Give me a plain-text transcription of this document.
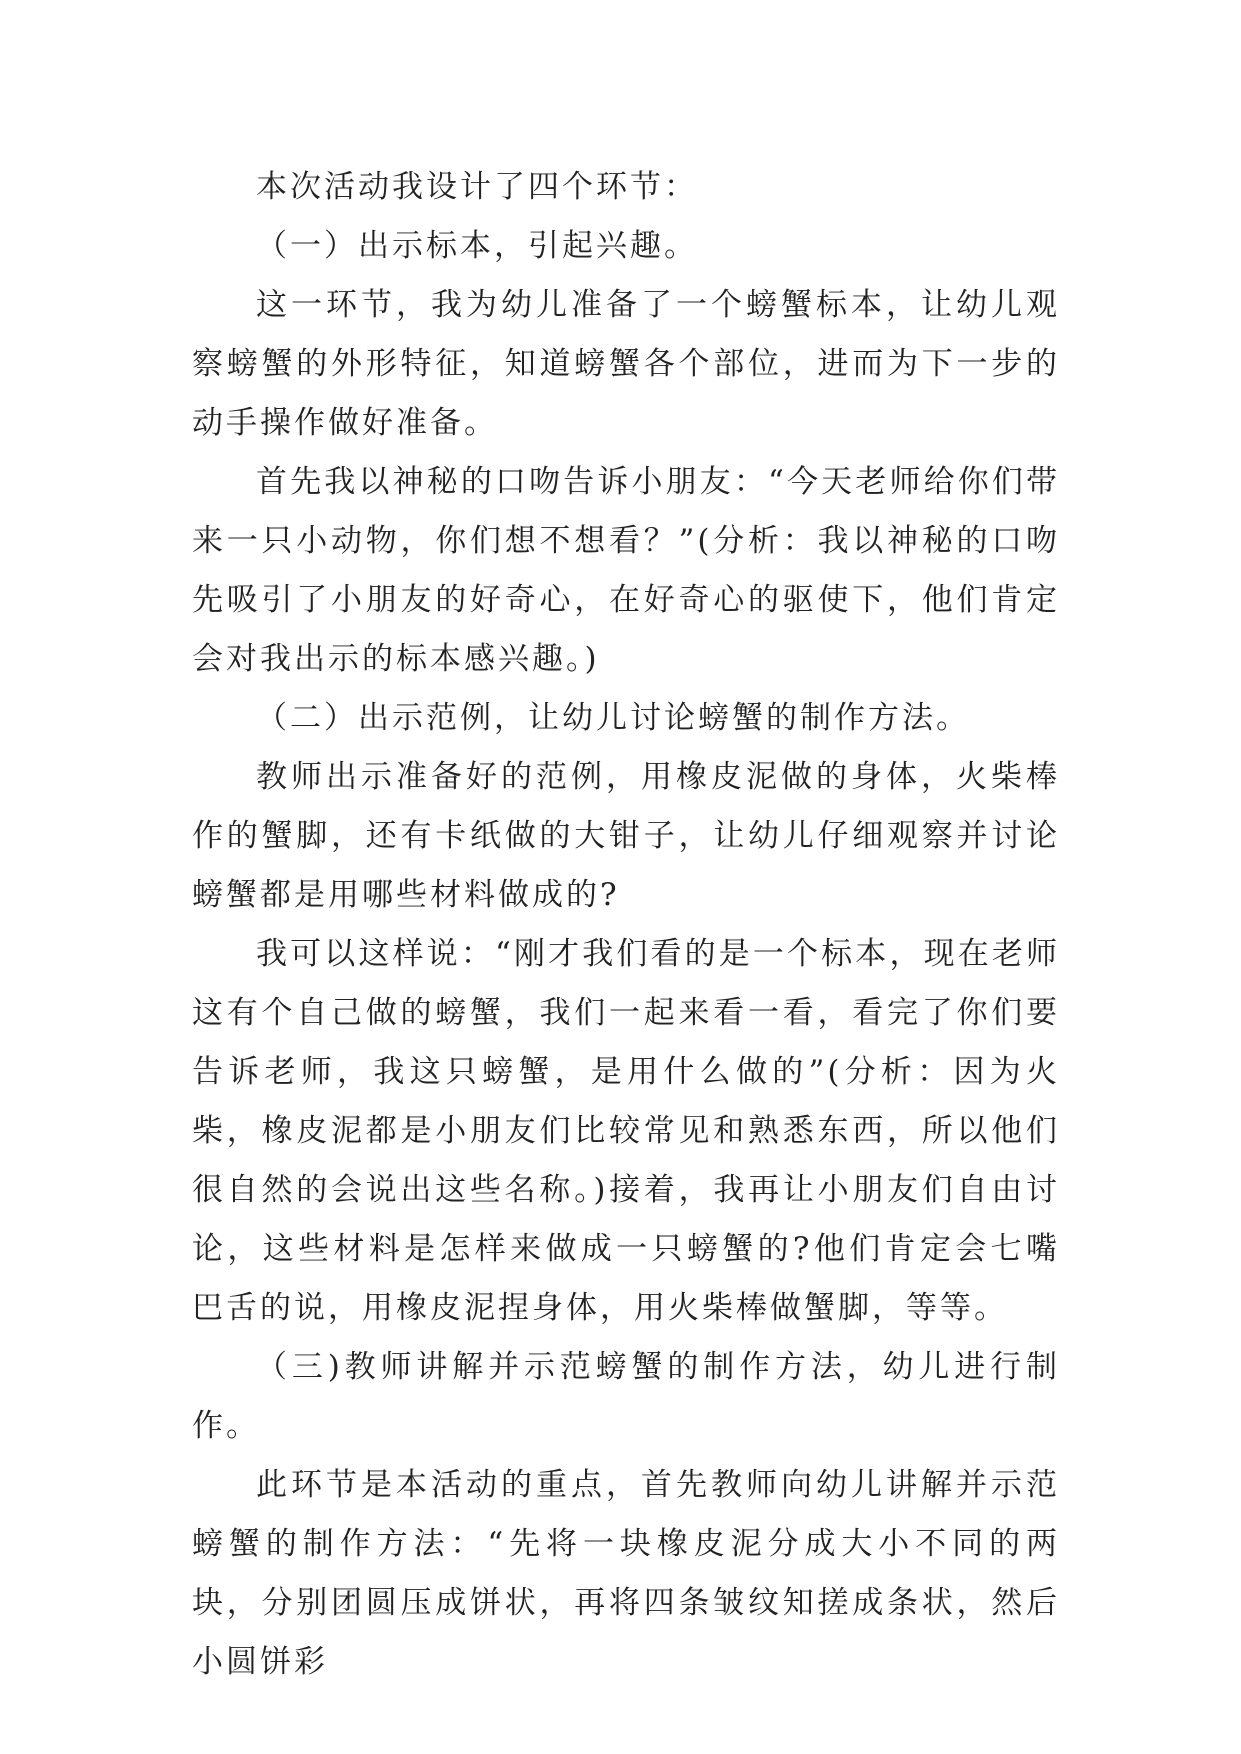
本次活动我设计了四个环节：

（一）出示标本，引起兴趣。

这一环节，我为幼儿准备了一个螃蟹标本，让幼儿观察螃蟹的外形特征，知道螃蟹各个部位，进而为下一步的动手操作做好准备。

首先我以神秘的口吻告诉小朋友：“今天老师给你们带来一只小动物，你们想不想看？”(分析：我以神秘的口吻先吸引了小朋友的好奇心，在好奇心的驱使下，他们肯定会对我出示的标本感兴趣。)

（二）出示范例，让幼儿讨论螃蟹的制作方法。

教师出示准备好的范例，用橡皮泥做的身体，火柴棒作的蟹脚，还有卡纸做的大钳子，让幼儿仔细观察并讨论螃蟹都是用哪些材料做成的?

我可以这样说：“刚才我们看的是一个标本，现在老师这有个自己做的螃蟹，我们一起来看一看，看完了你们要告诉老师，我这只螃蟹，是用什么做的”(分析：因为火柴，橡皮泥都是小朋友们比较常见和熟悉东西，所以他们很自然的会说出这些名称。)接着，我再让小朋友们自由讨论，这些材料是怎样来做成一只螃蟹的?他们肯定会七嘴巴舌的说，用橡皮泥捏身体，用火柴棒做蟹脚，等等。

（三)教师讲解并示范螃蟹的制作方法，幼儿进行制作。

此环节是本活动的重点，首先教师向幼儿讲解并示范螃蟹的制作方法：“先将一块橡皮泥分成大小不同的两块，分别团圆压成饼状，再将四条皱纹知搓成条状，然后小圆饼彩
